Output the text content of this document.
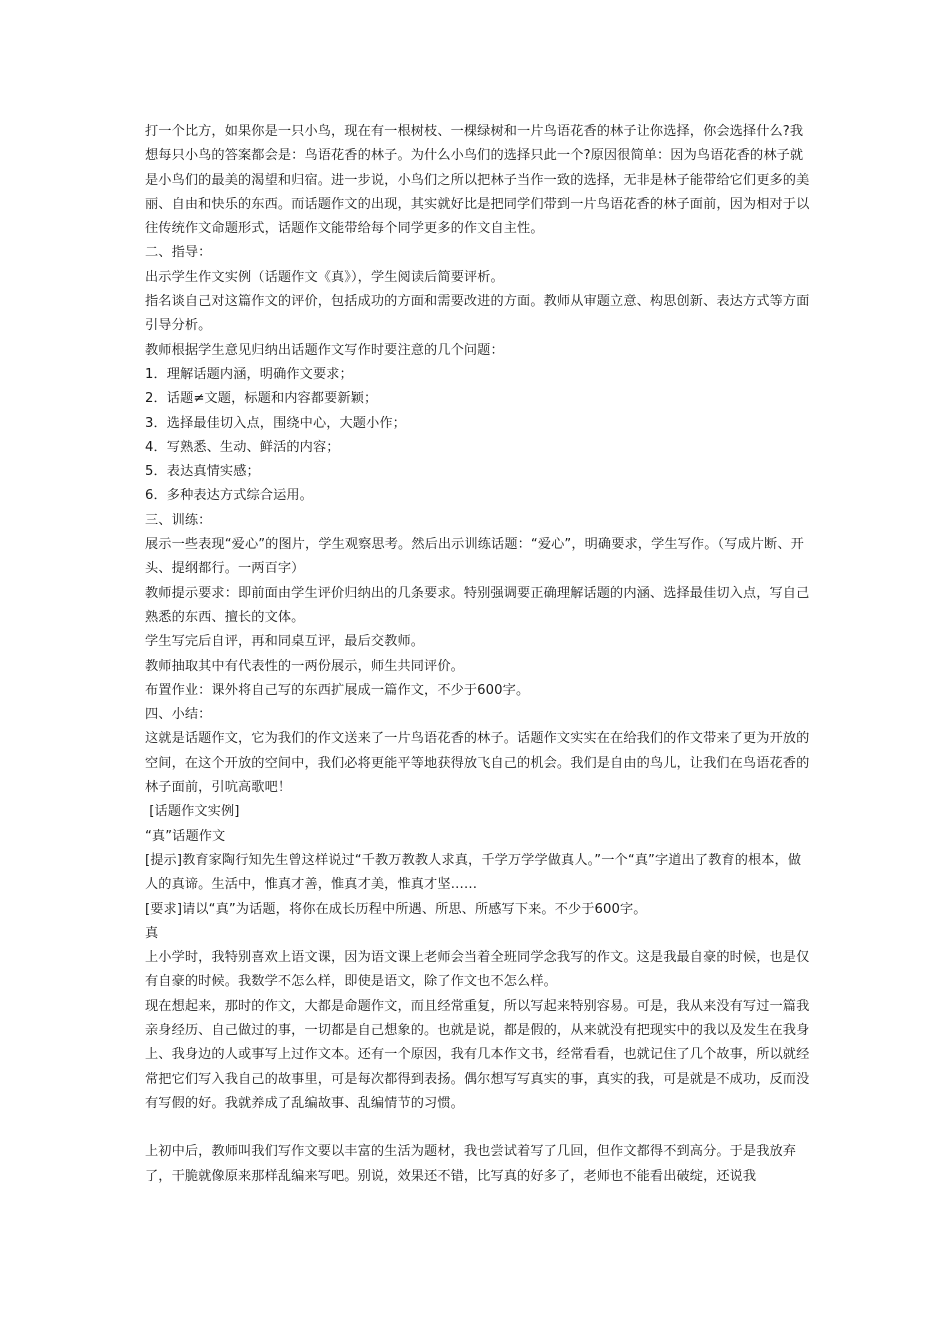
打一个比方，如果你是一只小鸟，现在有一根树枝、一棵绿树和一片鸟语花香的林子让你选择，你会选择什么?我想每只小鸟的答案都会是：鸟语花香的林子。为什么小鸟们的选择只此一个?原因很简单：因为鸟语花香的林子就是小鸟们的最美的渴望和归宿。进一步说，小鸟们之所以把林子当作一致的选择，无非是林子能带给它们更多的美丽、自由和快乐的东西。而话题作文的出现，其实就好比是把同学们带到一片鸟语花香的林子面前，因为相对于以往传统作文命题形式，话题作文能带给每个同学更多的作文自主性。

二、指导：

出示学生作文实例（话题作文《真》），学生阅读后简要评析。

指名谈自己对这篇作文的评价，包括成功的方面和需要改进的方面。教师从审题立意、构思创新、表达方式等方面引导分析。

教师根据学生意见归纳出话题作文写作时要注意的几个问题：

1．理解话题内涵，明确作文要求；

2．话题≠文题，标题和内容都要新颖；

3．选择最佳切入点，围绕中心，大题小作；

4．写熟悉、生动、鲜活的内容；

5．表达真情实感；

6．多种表达方式综合运用。

三、训练：

展示一些表现“爱心”的图片，学生观察思考。然后出示训练话题：“爱心”，明确要求，学生写作。（写成片断、开头、提纲都行。一两百字）

教师提示要求：即前面由学生评价归纳出的几条要求。特别强调要正确理解话题的内涵、选择最佳切入点，写自己熟悉的东西、擅长的文体。

学生写完后自评，再和同桌互评，最后交教师。

教师抽取其中有代表性的一两份展示，师生共同评价。

布置作业：课外将自己写的东西扩展成一篇作文，不少于600字。

四、小结：

这就是话题作文，它为我们的作文送来了一片鸟语花香的林子。话题作文实实在在给我们的作文带来了更为开放的空间，在这个开放的空间中，我们必将更能平等地获得放飞自己的机会。我们是自由的鸟儿，让我们在鸟语花香的林子面前，引吭高歌吧！

[话题作文实例]

“真”话题作文

[提示]教育家陶行知先生曾这样说过“千教万教教人求真，千学万学学做真人。”一个“真”字道出了教育的根本，做人的真谛。生活中，惟真才善，惟真才美，惟真才坚……

[要求]请以“真”为话题，将你在成长历程中所遇、所思、所感写下来。不少于600字。

真

上小学时，我特别喜欢上语文课，因为语文课上老师会当着全班同学念我写的作文。这是我最自豪的时候，也是仅有自豪的时候。我数学不怎么样，即使是语文，除了作文也不怎么样。

现在想起来，那时的作文，大都是命题作文，而且经常重复，所以写起来特别容易。可是，我从来没有写过一篇我亲身经历、自己做过的事，一切都是自己想象的。也就是说，都是假的，从来就没有把现实中的我以及发生在我身上、我身边的人或事写上过作文本。还有一个原因，我有几本作文书，经常看看，也就记住了几个故事，所以就经常把它们写入我自己的故事里，可是每次都得到表扬。偶尔想写写真实的事，真实的我，可是就是不成功，反而没有写假的好。我就养成了乱编故事、乱编情节的习惯。

上初中后，教师叫我们写作文要以丰富的生活为题材，我也尝试着写了几回，但作文都得不到高分。于是我放弃了，干脆就像原来那样乱编来写吧。别说，效果还不错，比写真的好多了，老师也不能看出破绽，还说我
